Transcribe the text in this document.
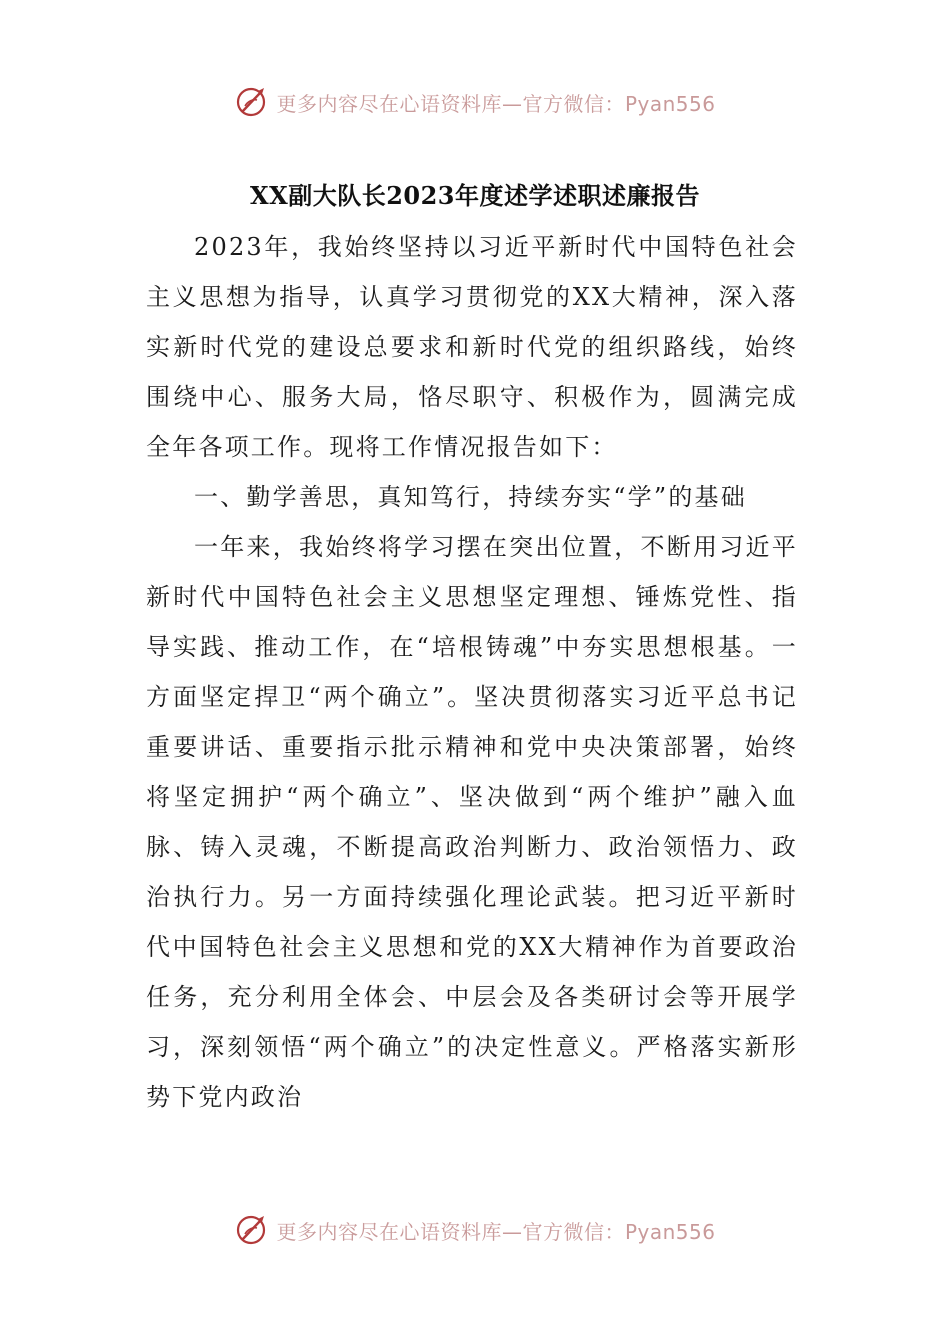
更多内容尽在心语资料库—官方微信：Pyan556
XX副大队长2023年度述学述职述廉报告

2023年，我始终坚持以习近平新时代中国特色社会主义思想为指导，认真学习贯彻党的XX大精神，深入落实新时代党的建设总要求和新时代党的组织路线，始终围绕中心、服务大局，恪尽职守、积极作为，圆满完成全年各项工作。现将工作情况报告如下：

一、勤学善思，真知笃行，持续夯实“学”的基础

一年来，我始终将学习摆在突出位置，不断用习近平新时代中国特色社会主义思想坚定理想、锤炼党性、指导实践、推动工作，在“培根铸魂”中夯实思想根基。一方面坚定捍卫“两个确立”。坚决贯彻落实习近平总书记重要讲话、重要指示批示精神和党中央决策部署，始终将坚定拥护“两个确立”、坚决做到“两个维护”融入血脉、铸入灵魂，不断提高政治判断力、政治领悟力、政治执行力。另一方面持续强化理论武装。把习近平新时代中国特色社会主义思想和党的XX大精神作为首要政治任务，充分利用全体会、中层会及各类研讨会等开展学习，深刻领悟“两个确立”的决定性意义。严格落实新形势下党内政治

更多内容尽在心语资料库—官方微信：Pyan556
